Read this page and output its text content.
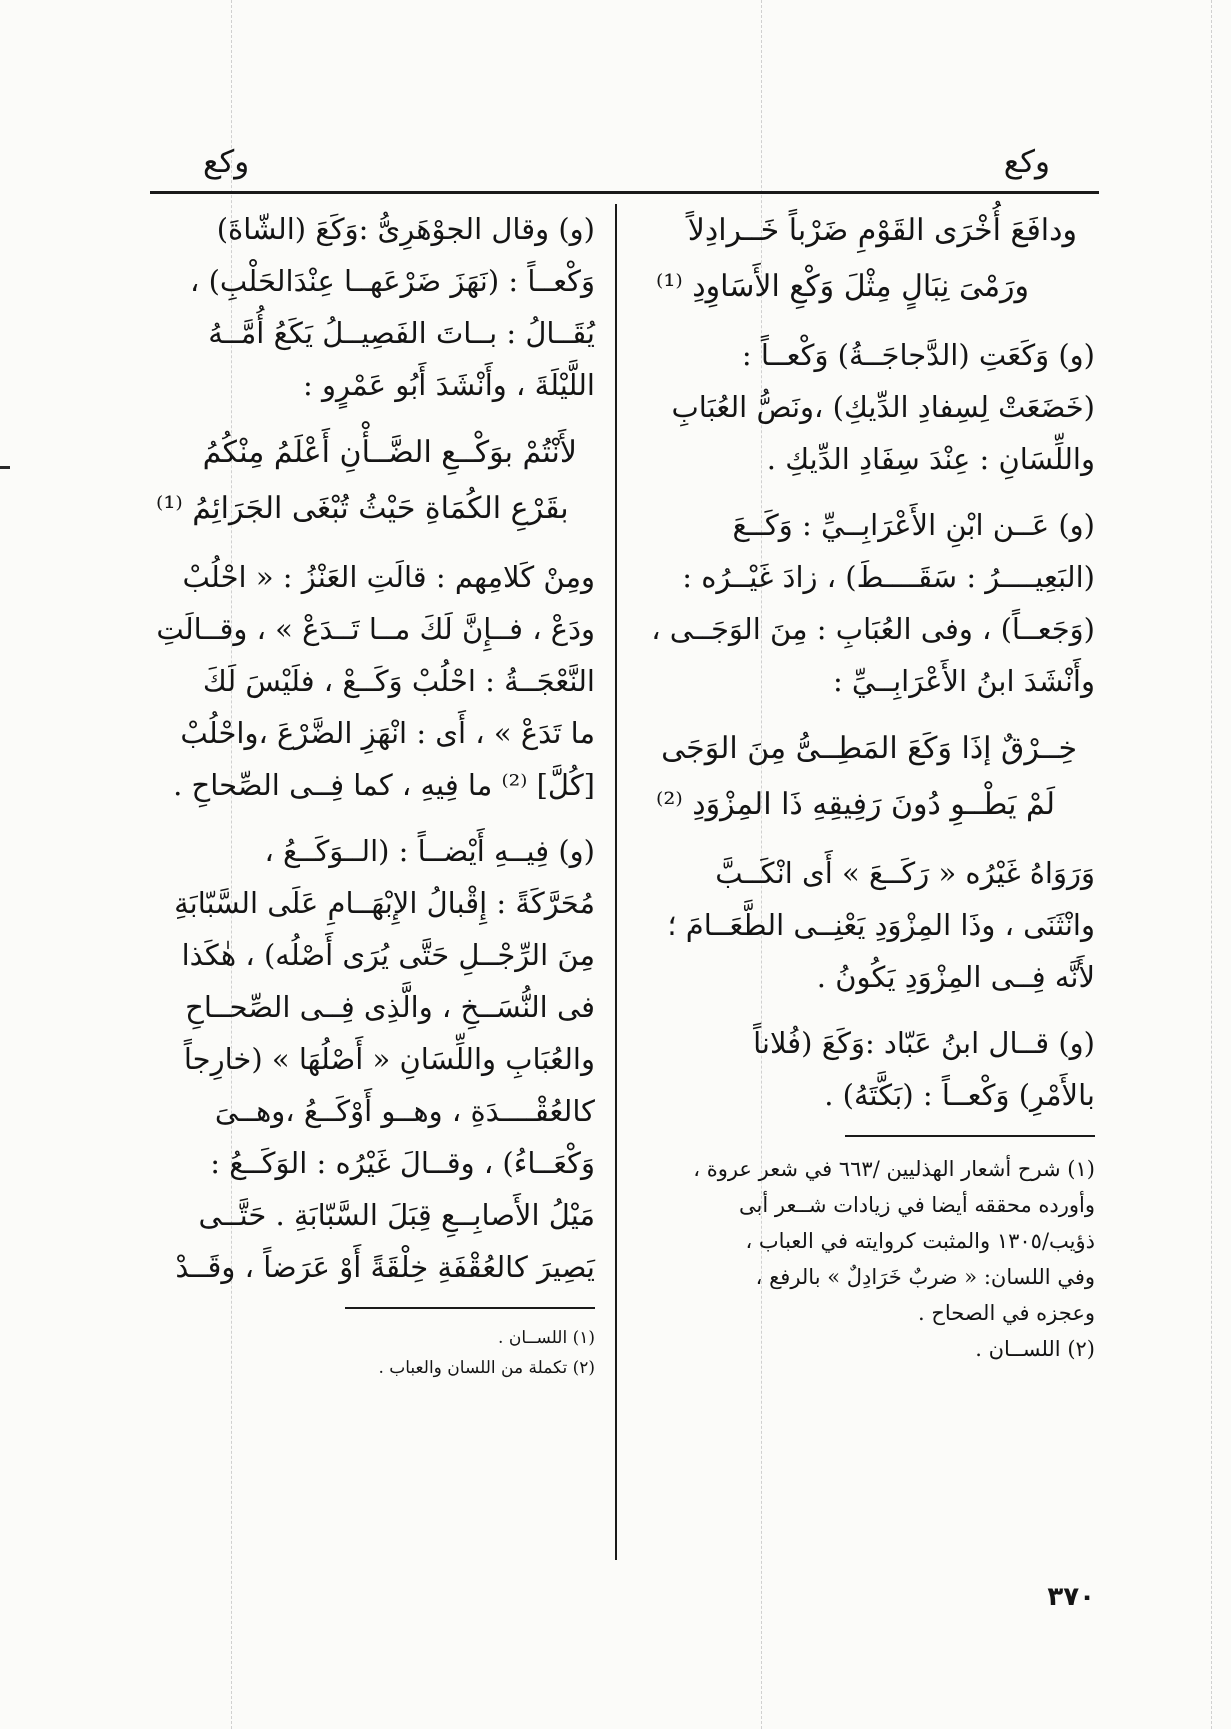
وكع
وكع

ودافَعَ أُخْرَى القَوْمِ ضَرْباً خَــرادِلاً

ورَمْىَ نِبَالٍ مِثْلَ وَكْعِ الأَسَاوِدِ ⁽¹⁾

(و) وَكَعَتِ (الدَّجاجَــةُ) وَكْعــاً :

(خَضَعَتْ لِسِفادِ الدِّيكِ) ،ونَصُّ العُبَابِ

واللِّسَانِ : عِنْدَ سِفَادِ الدِّيكِ .

(و) عَــن ابْنِ الأَعْرَابِــيِّ : وَكَــعَ

(البَعِيــــرُ : سَقَــــطَ) ، زادَ غَيْــرُه :

(وَجَعــاً) ، وفى العُبَابِ : مِنَ الوَجَــى ،

وأَنْشَدَ ابنُ الأَعْرَابِــيِّ :

خِــرْقٌ إذَا وَكَعَ المَطِــىُّ مِنَ الوَجَى

لَمْ يَطْــوِ دُونَ رَفِيقِهِ ذَا المِزْوَدِ ⁽²⁾

وَرَوَاهُ غَيْرُه « رَكَــعَ » أَى انْكَــبَّ

وانْثَنَى ، وذَا المِزْوَدِ يَعْنِــى الطَّعَــامَ ؛

لأَنَّه فِــى المِزْوَدِ يَكُونُ .

(و) قــال ابنُ عَبّاد :وَكَعَ (فُلاناً

بالأَمْرِ) وَكْعــاً : (بَكَّتَهُ) .

(١) شرح أشعار الهذليين /٦٦٣ في شعر عروة ،

وأورده محققه أيضا في زيادات شــعر أبى

ذؤيب/١٣٠٥ والمثبت كروايته في العباب ،

وفي اللسان: « ضربٌ خَرَادِلٌ » بالرفع ،

وعجزه في الصحاح .

(٢) اللســان .

(و) وقال الجوْهَرِىُّ :وَكَعَ (الشّاةَ)

وَكْعــاً : (نَهَزَ ضَرْعَهــا عِنْدَالحَلْبِ) ،

يُقَــالُ : بــاتَ الفَصِيــلُ يَكَعُ أُمَّــهُ

اللَّيْلَةَ ، وأَنْشَدَ أَبُو عَمْرٍو :

لأَنْتُمْ بوَكْــعِ الضَّــأْنِ أَعْلَمُ مِنْكُمُ

بقَرْعِ الكُمَاةِ حَيْثُ تُبْغَى الجَرَائِمُ ⁽¹⁾

ومِنْ كَلامِهم : قالَتِ العَنْزُ : « احْلُبْ

ودَعْ ، فــإِنَّ لَكَ مــا تَــدَعْ » ، وقــالَتِ

النَّعْجَــةُ : احْلُبْ وَكَــعْ ، فلَيْسَ لَكَ

ما تَدَعْ » ، أَى : انْهَزِ الضَّرْعَ ،واحْلُبْ

[كُلَّ] ⁽²⁾ ما فِيهِ ، كما فِــى الصِّحاحِ .

(و) فِيــهِ أَيْضــاً : (الــوَكَــعُ ،

مُحَرَّكَةً : إِقْبالُ الإِبْهَــامِ عَلَى السَّبّابَةِ

مِنَ الرِّجْــلِ حَتَّى يُرَى أَصْلُه) ، هٰكَذا

فى النُّسَــخِ ، والَّذِى فِــى الصِّحــاحِ

والعُبَابِ واللِّسَانِ « أَصْلُهَا » (خارِجاً

كالعُقْــــدَةِ ، وهــو أَوْكَــعُ ،وهــىَ

وَكْعَــاءُ) ، وقــالَ غَيْرُه : الوَكَــعُ :

مَيْلُ الأَصابِــعِ قِبَلَ السَّبّابَةِ . حَتَّــى

يَصِيرَ كالعُقْفَةِ خِلْقَةً أَوْ عَرَضاً ، وقَــدْ

(١) اللســان .

(٢) تكملة من اللسان والعباب .

٣٧٠
